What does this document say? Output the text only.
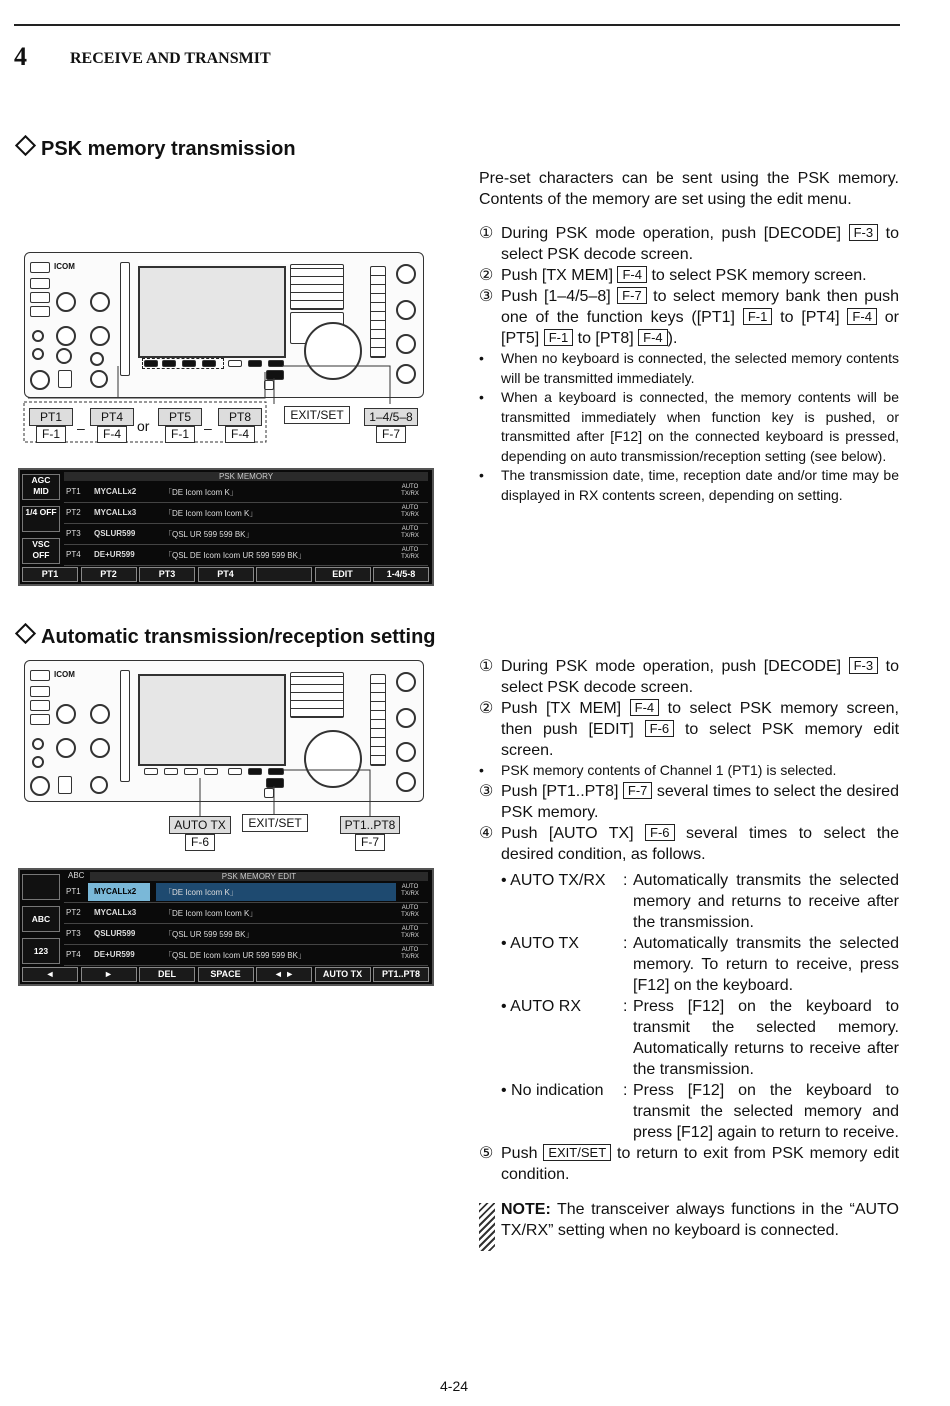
4	RECEIVE AND TRANSMIT
PSK memory transmission
ICOM
PT1
F-1	–
PT4
F-4	or
PT5
F-1	–
PT8
F-4
EXIT/SET	1–4/5–8
F-7
PSK MEMORY
AGC MID
1/4 OFF
VSC OFF
PT1 MYCALLx2	「DE Icom Icom K」
AUTO TX/RX
PT2 MYCALLx3	「DE Icom Icom Icom K」
AUTO TX/RX
PT3 QSLUR599	「QSL UR 599 599 BK」
AUTO TX/RX
PT4 DE+UR599	「QSL DE Icom Icom UR 599 599 BK」
AUTO TX/RX
PT1	PT2	PT3	PT4	EDIT	1-4/5-8

Pre-set characters can be sent using the PSK memory. Contents of the memory are set using the edit menu.

① During PSK mode operation, push [DECODE] F-3 to select PSK decode screen.

② Push [TX MEM] F-4 to select PSK memory screen.

③ Push [1–4/5–8] F-7 to select memory bank then push one of the function keys ([PT1] F-1 to [PT4] F-4 or [PT5] F-1 to [PT8] F-4 ).

• When no keyboard is connected, the selected memory contents will be transmitted immediately.

• When a keyboard is connected, the memory contents will be transmitted immediately when function key is pushed, or transmitted after [F12] on the connected keyboard is pressed, depending on auto transmission/reception setting (see below).

• The transmission date, time, reception date and/or time may be displayed in RX contents screen, depending on setting.

Automatic transmission/reception setting
ICOM
AUTO TX
F-6
EXIT/SET	PT1..PT8
F-7
ABC	PSK MEMORY EDIT
ABC
123
PT1 MYCALLx2	「DE Icom Icom K」
AUTO TX/RX
PT2 MYCALLx3	「DE Icom Icom Icom K」
AUTO TX/RX
PT3 QSLUR599	「QSL UR 599 599 BK」
AUTO TX/RX
PT4 DE+UR599	「QSL DE Icom Icom UR 599 599 BK」
AUTO TX/RX
◄	►	DEL	SPACE	◄ ►	AUTO TX	PT1..PT8

① During PSK mode operation, push [DECODE] F-3 to select PSK decode screen.

② Push [TX MEM] F-4 to select PSK memory screen, then push [EDIT] F-6 to select PSK memory edit screen.

• PSK memory contents of Channel 1 (PT1) is selected.

③ Push [PT1..PT8] F-7 several times to select the desired PSK memory.

④ Push [AUTO TX] F-6 several times to select the desired condition, as follows.

• AUTO TX/RX	: Automatically transmits the selected memory and returns to receive after the transmission.
• AUTO TX	: Automatically transmits the selected memory. To return to receive, press [F12] on the keyboard.
• AUTO RX	: Press [F12] on the keyboard to transmit the selected memory. Automatically returns to receive after the transmission.
• No indication	: Press [F12] on the keyboard to transmit the selected memory and press [F12] again to return to receive.

⑤ Push EXIT/SET to return to exit from PSK memory edit condition.

NOTE: The transceiver always functions in the “AUTO TX/RX” setting when no keyboard is connected.

4-24
